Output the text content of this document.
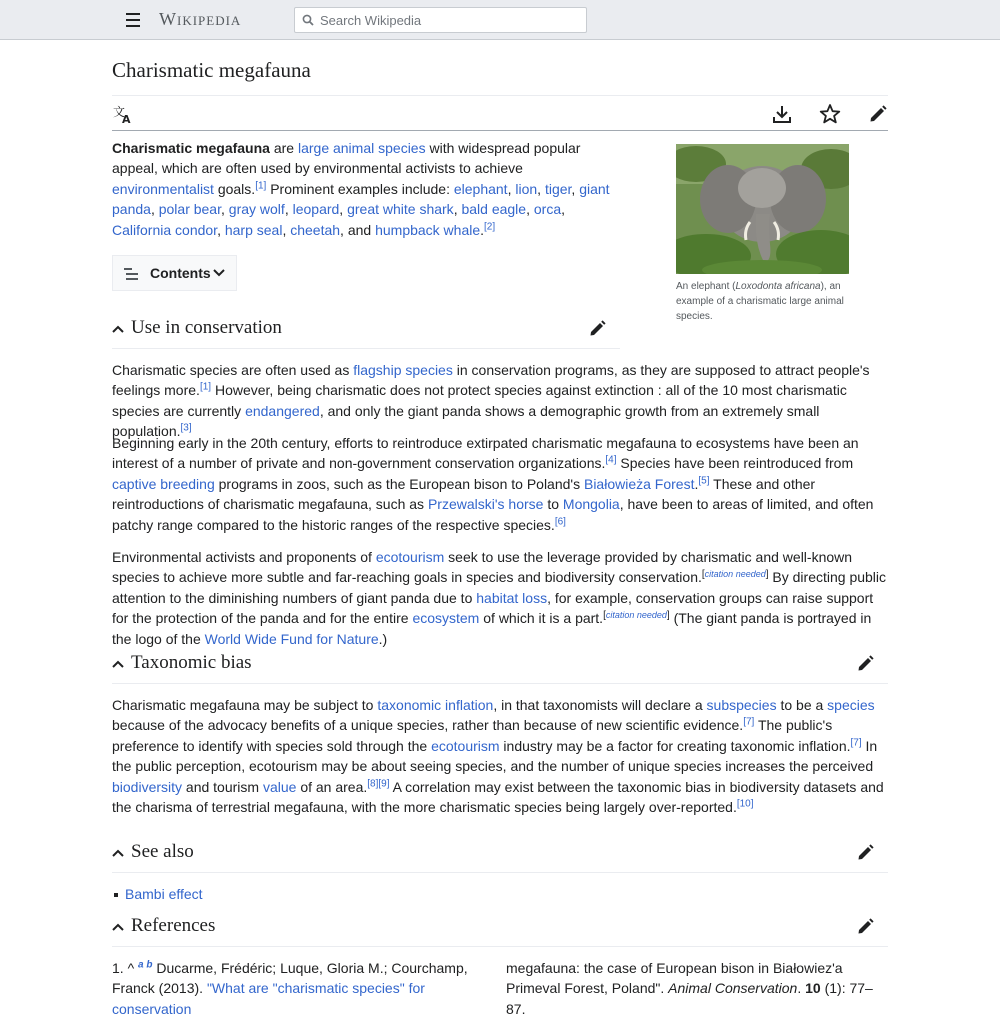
Wikipedia
Search Wikipedia
Charismatic megafauna
文
A

Charismatic megafauna are large animal species with widespread popular appeal, which are often used by environmental activists to achieve environmentalist goals.[1] Prominent examples include: elephant, lion, tiger, giant panda, polar bear, gray wolf, leopard, great white shark, bald eagle, orca, California condor, harp seal, cheetah, and humpback whale.[2]

An elephant (Loxodonta africana), an example of a charismatic large animal species.
Contents
Use in conservation

Charismatic species are often used as flagship species in conservation programs, as they are supposed to attract people's feelings more.[1] However, being charismatic does not protect species against extinction : all of the 10 most charismatic species are currently endangered, and only the giant panda shows a demographic growth from an extremely small population.[3]

Beginning early in the 20th century, efforts to reintroduce extirpated charismatic megafauna to ecosystems have been an interest of a number of private and non-government conservation organizations.[4] Species have been reintroduced from captive breeding programs in zoos, such as the European bison to Poland's Białowieża Forest.[5] These and other reintroductions of charismatic megafauna, such as Przewalski's horse to Mongolia, have been to areas of limited, and often patchy range compared to the historic ranges of the respective species.[6]

Environmental activists and proponents of ecotourism seek to use the leverage provided by charismatic and well-known species to achieve more subtle and far-reaching goals in species and biodiversity conservation.[citation needed] By directing public attention to the diminishing numbers of giant panda due to habitat loss, for example, conservation groups can raise support for the protection of the panda and for the entire ecosystem of which it is a part.[citation needed] (The giant panda is portrayed in the logo of the World Wide Fund for Nature.)

Taxonomic bias

Charismatic megafauna may be subject to taxonomic inflation, in that taxonomists will declare a subspecies to be a species because of the advocacy benefits of a unique species, rather than because of new scientific evidence.[7] The public's preference to identify with species sold through the ecotourism industry may be a factor for creating taxonomic inflation.[7] In the public perception, ecotourism may be about seeing species, and the number of unique species increases the perceived biodiversity and tourism value of an area.[8][9] A correlation may exist between the taxonomic bias in biodiversity datasets and the charisma of terrestrial megafauna, with the more charismatic species being largely over-reported.[10]

See also
Bambi effect
References

1. ^ $^{a b}$ Ducarme, Frédéric; Luque, Gloria M.; Courchamp, Franck (2013). "What are "charismatic species" for conservation

megafauna: the case of European bison in Białowiez'a Primeval Forest, Poland". Animal Conservation. 10 (1): 77–87.
